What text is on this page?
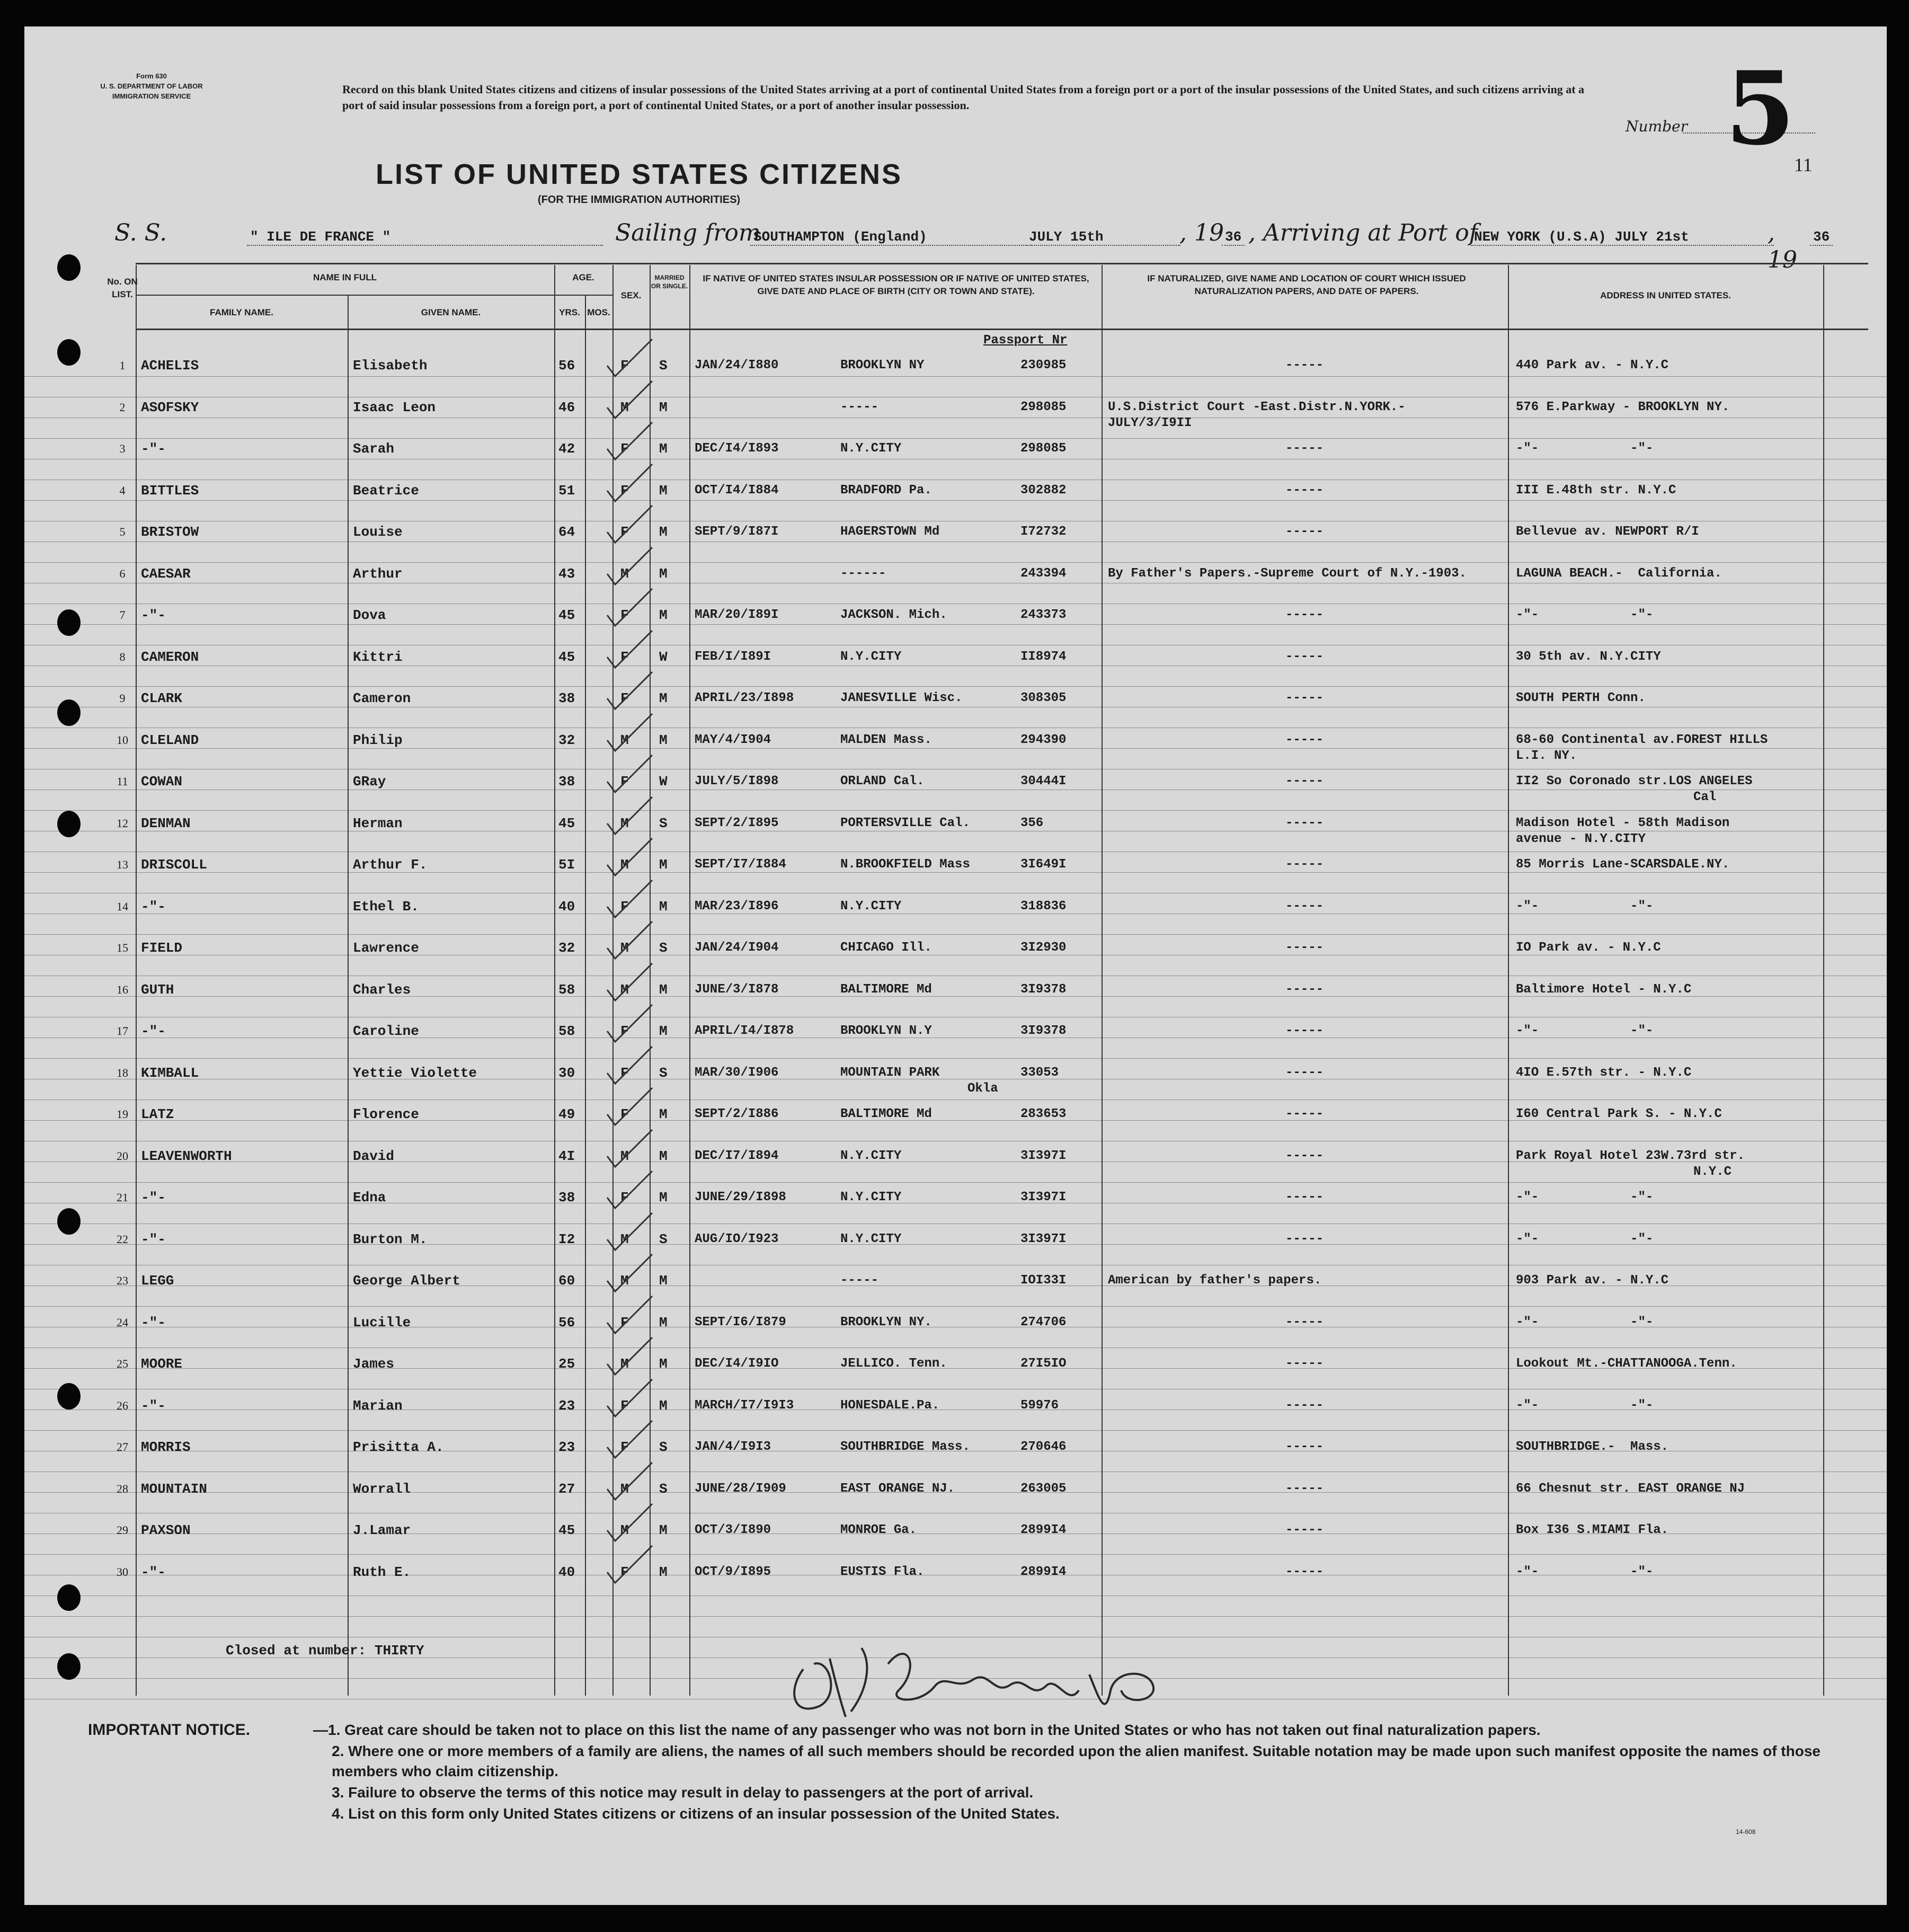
Form 630
U. S. DEPARTMENT OF LABOR
IMMIGRATION SERVICE
Record on this blank United States citizens and citizens of insular possessions of the United States arriving at a port of continental United States from a foreign port or a port of the insular possessions of the United States, and such citizens arriving at a port of said insular possessions from a foreign port, a port of continental United States, or a port of another insular possession.
Number 5
11
LIST OF UNITED STATES CITIZENS
(FOR THE IMMIGRATION AUTHORITIES)
S. S.	" ILE DE FRANCE "	Sailing from
SOUTHAMPTON (England)	JULY 15th	, 19 36 , Arriving at Port of
NEW YORK (U.S.A) JULY 21st	, 19
36
No. ON LIST.
NAME IN FULL
FAMILY NAME.	GIVEN NAME.
AGE.
YRS. MOS.
SEX.
MARRIED OR SINGLE.
IF NATIVE OF UNITED STATES INSULAR POSSESSION OR IF NATIVE OF UNITED STATES, GIVE DATE AND PLACE OF BIRTH (CITY OR TOWN AND STATE).
IF NATURALIZED, GIVE NAME AND LOCATION OF COURT WHICH ISSUED NATURALIZATION PAPERS, AND DATE OF PAPERS.	ADDRESS IN UNITED STATES.
Passport Nr
1	ACHELIS	Elisabeth	56	F S JAN/24/I880	BROOKLYN NY	230985	-----	440 Park av. - N.Y.C
2	ASOFSKY	Isaac Leon	46	M M	-----	298085	U.S.District Court -East.Distr.N.YORK.-	576 E.Parkway - BROOKLYN NY.
JULY/3/I9II
3	-"-	Sarah	42	F M DEC/I4/I893	N.Y.CITY	298085	-----	-"-            -"-
4	BITTLES	Beatrice	51	F M OCT/I4/I884	BRADFORD Pa.	302882	-----	III E.48th str. N.Y.C
5	BRISTOW	Louise	64	F M SEPT/9/I87I	HAGERSTOWN Md	I72732	-----	Bellevue av. NEWPORT R/I
6	CAESAR	Arthur	43	M M	------	243394	By Father's Papers.-Supreme Court of N.Y.-1903.	LAGUNA BEACH.-  California.
7	-"-	Dova	45	F M MAR/20/I89I	JACKSON. Mich.	243373	-----	-"-            -"-
8	CAMERON	Kittri	45	F W FEB/I/I89I	N.Y.CITY	II8974	-----	30 5th av. N.Y.CITY
9	CLARK	Cameron	38	F M APRIL/23/I898	JANESVILLE Wisc.	308305	-----	SOUTH PERTH Conn.
10 CLELAND	Philip	32	M M MAY/4/I904	MALDEN Mass.	294390	-----	68-60 Continental av.FOREST HILLS
L.I. NY.
11 COWAN	GRay	38	F W JULY/5/I898	ORLAND Cal.	30444I	-----	II2 So Coronado str.LOS ANGELES
Cal
12 DENMAN	Herman	45	M S SEPT/2/I895	PORTERSVILLE Cal.	356	-----	Madison Hotel - 58th Madison
avenue - N.Y.CITY
13 DRISCOLL	Arthur F.	5I	M M SEPT/I7/I884	N.BROOKFIELD Mass	3I649I	-----	85 Morris Lane-SCARSDALE.NY.
14 -"-	Ethel B.	40	F M MAR/23/I896	N.Y.CITY	318836	-----	-"-            -"-
15 FIELD	Lawrence	32	M S JAN/24/I904	CHICAGO Ill.	3I2930	-----	IO Park av. - N.Y.C
16 GUTH	Charles	58	M M JUNE/3/I878	BALTIMORE Md	3I9378	-----	Baltimore Hotel - N.Y.C
17 -"-	Caroline	58	F M APRIL/I4/I878	BROOKLYN N.Y	3I9378	-----	-"-            -"-
18 KIMBALL	Yettie Violette	30	F S MAR/30/I906	MOUNTAIN PARK	33053	-----	4IO E.57th str. - N.Y.C
Okla
19 LATZ	Florence	49	F M SEPT/2/I886	BALTIMORE Md	283653	-----	I60 Central Park S. - N.Y.C
20 LEAVENWORTH	David	4I	M M DEC/I7/I894	N.Y.CITY	3I397I	-----	Park Royal Hotel 23W.73rd str.
N.Y.C
21 -"-	Edna	38	F M JUNE/29/I898	N.Y.CITY	3I397I	-----	-"-            -"-
22 -"-	Burton M.	I2	M S AUG/IO/I923	N.Y.CITY	3I397I	-----	-"-            -"-
23 LEGG	George Albert	60	M M	-----	IOI33I	American by father's papers.	903 Park av. - N.Y.C
24 -"-	Lucille	56	F M SEPT/I6/I879	BROOKLYN NY.	274706	-----	-"-            -"-
25 MOORE	James	25	M M DEC/I4/I9IO	JELLICO. Tenn.	27I5IO	-----	Lookout Mt.-CHATTANOOGA.Tenn.
26 -"-	Marian	23	F M MARCH/I7/I9I3	HONESDALE.Pa.	59976	-----	-"-            -"-
27 MORRIS	Prisitta A.	23	F S JAN/4/I9I3	SOUTHBRIDGE Mass.	270646	-----	SOUTHBRIDGE.-  Mass.
28 MOUNTAIN	Worrall	27	M S JUNE/28/I909	EAST ORANGE NJ.	263005	-----	66 Chesnut str. EAST ORANGE NJ
29 PAXSON	J.Lamar	45	M M OCT/3/I890	MONROE Ga.	2899I4	-----	Box I36 S.MIAMI Fla.
30 -"-	Ruth E.	40	F M OCT/9/I895	EUSTIS Fla.	2899I4	-----	-"-            -"-
Closed at number: THIRTY
IMPORTANT NOTICE.	—1. Great care should be taken not to place on this list the name of any passenger who was not born in the United States or who has not taken out final naturalization papers.
2. Where one or more members of a family are aliens, the names of all such members should be recorded upon the alien manifest. Suitable notation may be made upon such manifest opposite the names of those members who claim citizenship.
3. Failure to observe the terms of this notice may result in delay to passengers at the port of arrival.
4. List on this form only United States citizens or citizens of an insular possession of the United States.
14-608
